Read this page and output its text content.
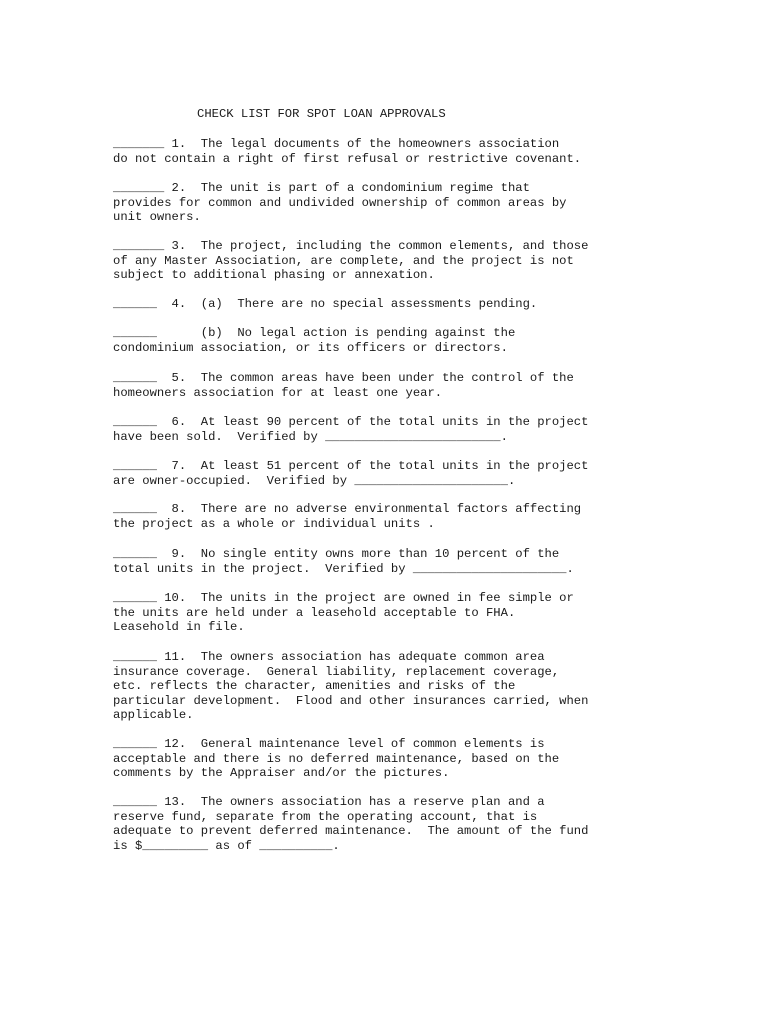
CHECK LIST FOR SPOT LOAN APPROVALS
_______ 1.  The legal documents of the homeowners association
do not contain a right of first refusal or restrictive covenant.
_______ 2.  The unit is part of a condominium regime that
provides for common and undivided ownership of common areas by
unit owners.
_______ 3.  The project, including the common elements, and those
of any Master Association, are complete, and the project is not
subject to additional phasing or annexation.
______  4.  (a)  There are no special assessments pending.
______      (b)  No legal action is pending against the
condominium association, or its officers or directors.
______  5.  The common areas have been under the control of the
homeowners association for at least one year.
______  6.  At least 90 percent of the total units in the project
have been sold.  Verified by ________________________.
______  7.  At least 51 percent of the total units in the project
are owner-occupied.  Verified by _____________________.
______  8.  There are no adverse environmental factors affecting
the project as a whole or individual units .
______  9.  No single entity owns more than 10 percent of the
total units in the project.  Verified by _____________________.
______ 10.  The units in the project are owned in fee simple or
the units are held under a leasehold acceptable to FHA.
Leasehold in file.
______ 11.  The owners association has adequate common area
insurance coverage.  General liability, replacement coverage,
etc. reflects the character, amenities and risks of the
particular development.  Flood and other insurances carried, when
applicable.
______ 12.  General maintenance level of common elements is
acceptable and there is no deferred maintenance, based on the
comments by the Appraiser and/or the pictures.
______ 13.  The owners association has a reserve plan and a
reserve fund, separate from the operating account, that is
adequate to prevent deferred maintenance.  The amount of the fund
is $_________ as of __________.
